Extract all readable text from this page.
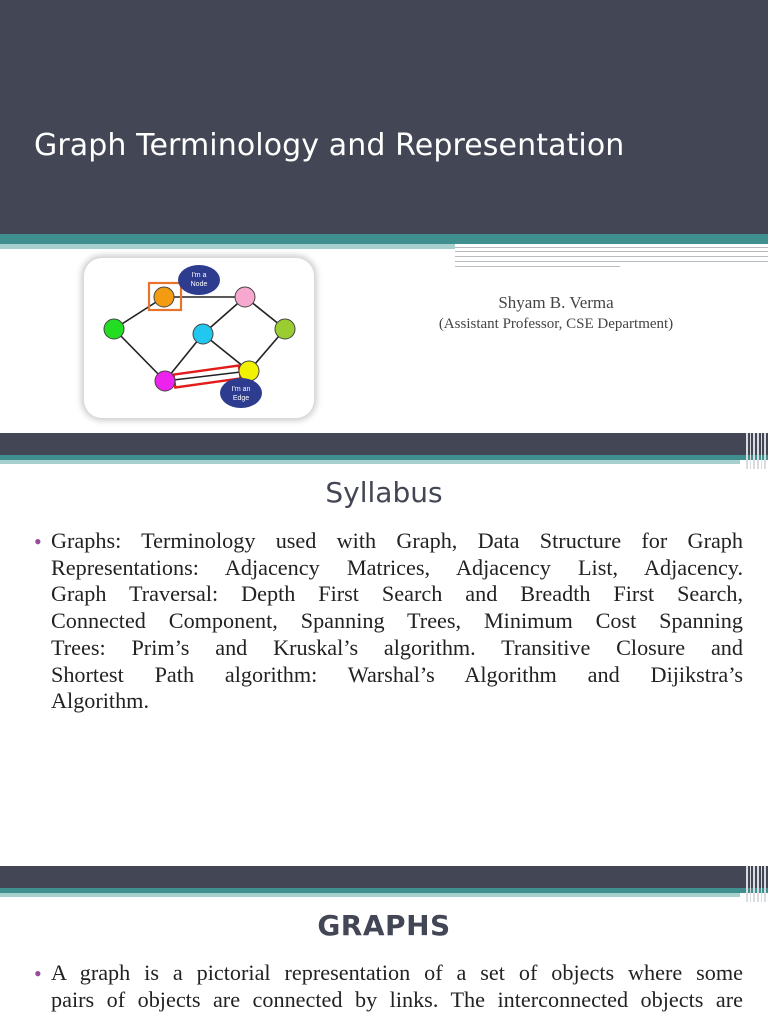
Graph Terminology and Representation
I'm a
Node
I'm an
Edge
Shyam B. Verma
(Assistant Professor, CSE Department)
Syllabus
• Graphs: Terminology used with Graph, Data Structure for Graph
Representations: Adjacency Matrices, Adjacency List, Adjacency.
Graph Traversal: Depth First Search and Breadth First Search,
Connected Component, Spanning Trees, Minimum Cost Spanning
Trees: Prim’s and Kruskal’s algorithm. Transitive Closure and
Shortest Path algorithm: Warshal’s Algorithm and Dijikstra’s
Algorithm.
GRAPHS
• A graph is a pictorial representation of a set of objects where some
pairs of objects are connected by links. The interconnected objects are
